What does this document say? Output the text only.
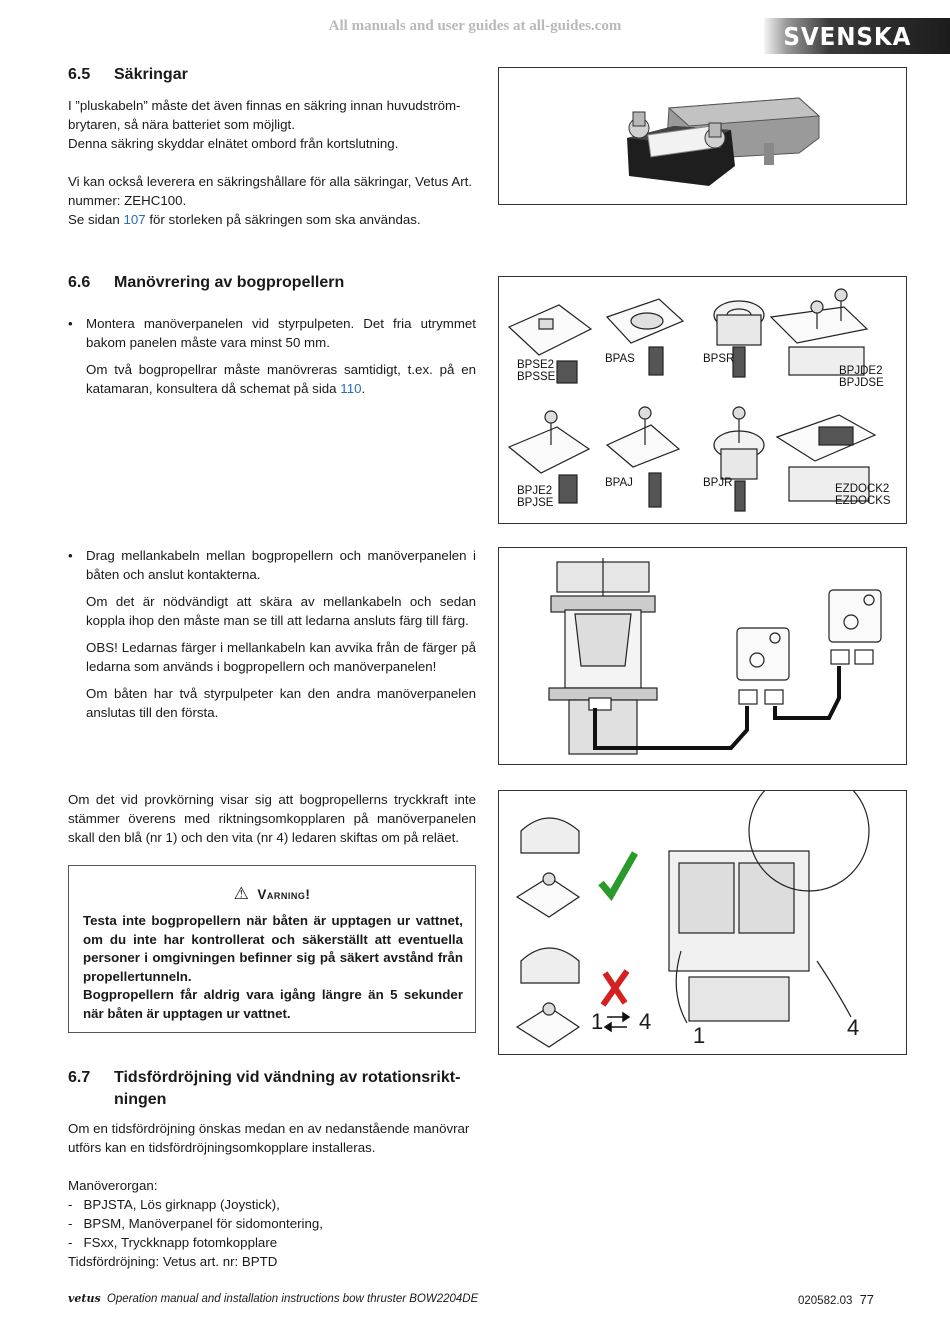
All manuals and user guides at all-guides.com	SVENSKA
6.5 Säkringar

I ”pluskabeln” måste det även finnas en säkring innan huvudström-brytaren, så nära batteriet som möjligt.

Denna säkring skyddar elnätet ombord från kortslutning.

Vi kan också leverera en säkringshållare för alla säkringar, Vetus Art. nummer: ZEHC100.

Se sidan 107 för storleken på säkringen som ska användas.

6.6 Manövrering av bogpropellern
• Montera manöverpanelen vid styrpulpeten. Det fria utrymmet bakom panelen måste vara minst 50 mm.

Om två bogpropellrar måste manövreras samtidigt, t.ex. på en katamaran, konsultera då schemat på sida 110.

BPSE2
BPSSE
BPAS	BPSR
BPJDE2
BPJDSE
BPJE2
BPJSE
BPAJ	BPJR	EZDOCK2
EZDOCKS
• Drag mellankabeln mellan bogpropellern och manöverpanelen i båten och anslut kontakterna.

Om det är nödvändigt att skära av mellankabeln och sedan koppla ihop den måste man se till att ledarna ansluts färg till färg.

OBS! Ledarnas färger i mellankabeln kan avvika från de färger på ledarna som används i bogpropellern och manöverpanelen!

Om båten har två styrpulpeter kan den andra manöverpanelen anslutas till den första.

Om det vid provkörning visar sig att bogpropellerns tryckkraft inte stämmer överens med riktningsomkopplaren på manöverpanelen skall den blå (nr 1) och den vita (nr 4) ledaren skiftas om på reläet.

1 4
1	4
⚠ Varning!
Testa inte bogpropellern när båten är upptagen ur vattnet, om du inte har kontrollerat och säkerställt att eventuella personer i omgivningen befinner sig på säkert avstånd från propellertunneln.
Bogpropellern får aldrig vara igång längre än 5 sekunder när båten är upptagen ur vattnet.
6.7 Tidsfördröjning vid vändning av rotationsrikt-
ningen

Om en tidsfördröjning önskas medan en av nedanstående manövrar utförs kan en tidsfördröjningsomkopplare installeras.

Manöverorgan:

-   BPJSTA, Lös girknapp (Joystick),

-   BPSM, Manöverpanel för sidomontering,

-   FSxx, Tryckknapp fotomkopplare

Tidsfördröjning: Vetus art. nr: BPTD

vetus Operation manual and installation instructions bow thruster BOW2204DE	020582.03 77
